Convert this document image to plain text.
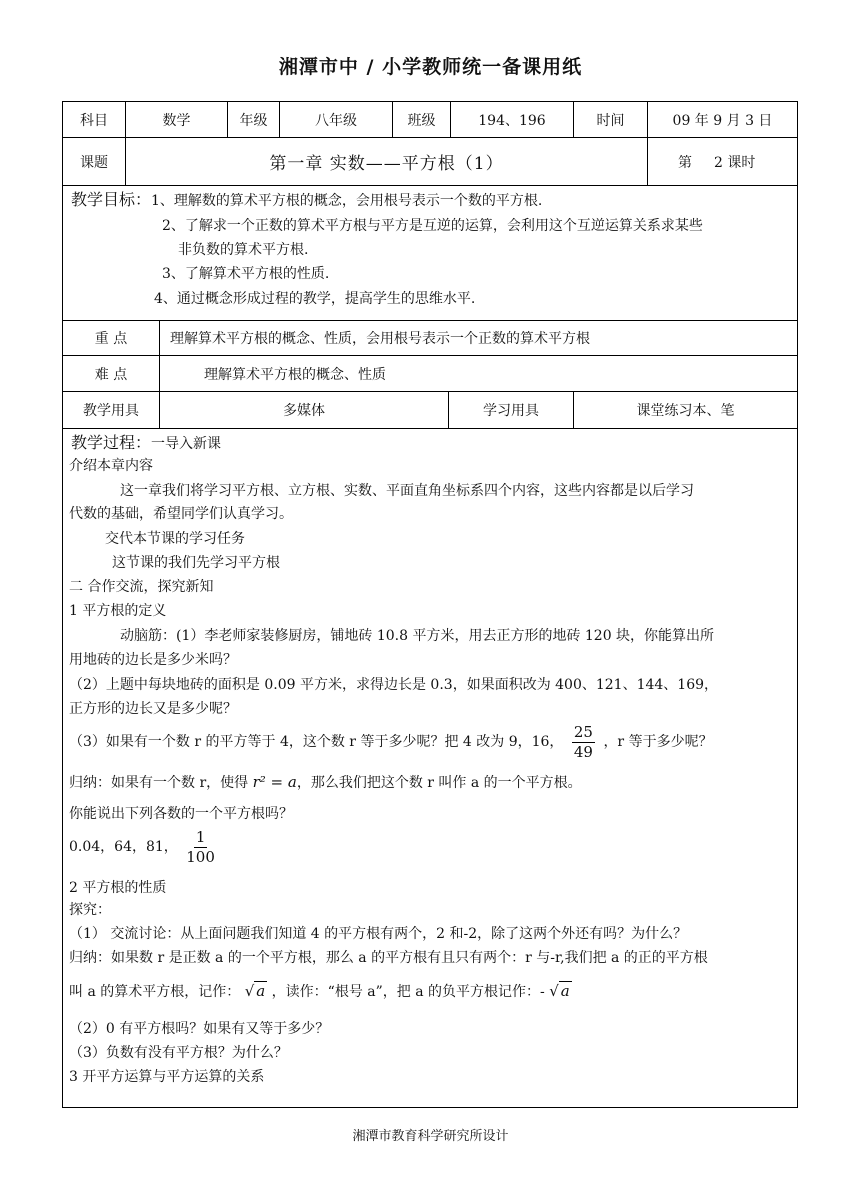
湘潭市中 / 小学教师统一备课用纸
科目	数学	年级	八年级	班级	194、196	时间	09 年 9 月 3 日
课题	第一章 实数——平方根（1）	第 2 课时
教学目标：1、理解数的算术平方根的概念，会用根号表示一个数的平方根.
2、了解求一个正数的算术平方根与平方是互逆的运算，会利用这个互逆运算关系求某些
非负数的算术平方根.
3、了解算术平方根的性质.
4、通过概念形成过程的教学，提高学生的思维水平.
重 点	理解算术平方根的概念、性质，会用根号表示一个正数的算术平方根
难 点	理解算术平方根的概念、性质
教学用具	多媒体	学习用具	课堂练习本、笔
教学过程：一导入新课
介绍本章内容
这一章我们将学习平方根、立方根、实数、平面直角坐标系四个内容，这些内容都是以后学习
代数的基础，希望同学们认真学习。
交代本节课的学习任务
这节课的我们先学习平方根
二 合作交流，探究新知
1 平方根的定义
动脑筋：(1）李老师家装修厨房，铺地砖 10.8 平方米，用去正方形的地砖 120 块，你能算出所
用地砖的边长是多少米吗？
（2）上题中每块地砖的面积是 0.09 平方米，求得边长是 0.3，如果面积改为 400、121、144、169，
正方形的边长又是多少呢？
（3）如果有一个数 r 的平方等于 4，这个数 r 等于多少呢？把 4 改为 9，16， $\frac{25}{49}$ ，r 等于多少呢？
归纳：如果有一个数 r，使得 r² = a，那么我们把这个数 r 叫作 a 的一个平方根。
你能说出下列各数的一个平方根吗？
0.04，64，81， $\frac{1}{100}$
2 平方根的性质
探究：
（1） 交流讨论：从上面问题我们知道 4 的平方根有两个，2 和-2，除了这两个外还有吗？为什么？
归纳：如果数 r 是正数 a 的一个平方根，那么 a 的平方根有且只有两个：r 与-r,我们把 a 的正的平方根
叫 a 的算术平方根，记作： √ a ，读作：“根号 a”，把 a 的负平方根记作：- √ a
（2）0 有平方根吗？如果有又等于多少？
（3）负数有没有平方根？为什么？
3 开平方运算与平方运算的关系
湘潭市教育科学研究所设计
